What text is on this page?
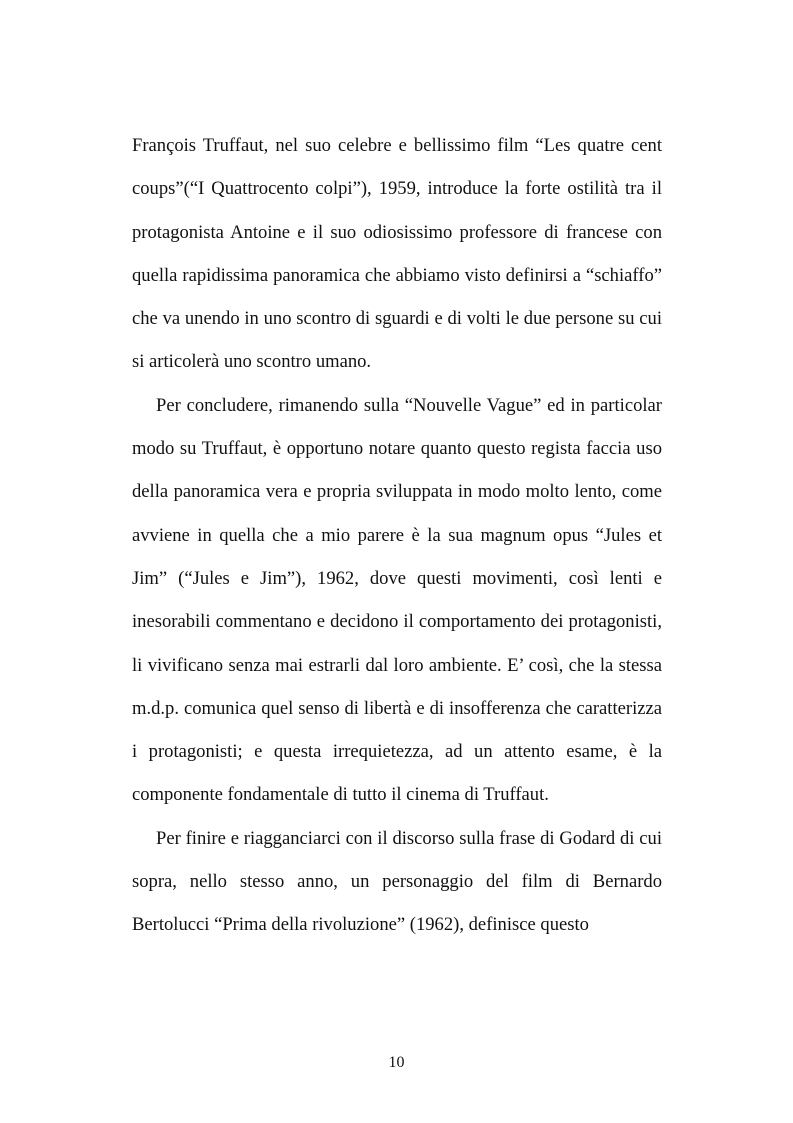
François Truffaut, nel suo celebre e bellissimo film “Les quatre cent coups”(“I Quattrocento colpi”), 1959, introduce la forte ostilità tra il protagonista Antoine e il suo odiosissimo professore di francese con quella rapidissima panoramica che abbiamo visto definirsi a “schiaffo” che va unendo in uno scontro di sguardi e di volti le due persone su cui si articolerà uno scontro umano.

Per concludere, rimanendo sulla “Nouvelle Vague” ed in particolar modo su Truffaut, è opportuno notare quanto questo regista faccia uso della panoramica vera e propria sviluppata in modo molto lento, come avviene in quella che a mio parere è la sua magnum opus “Jules et Jim” (“Jules e Jim”), 1962, dove questi movimenti, così lenti e inesorabili commentano e decidono il comportamento dei protagonisti, li vivificano senza mai estrarli dal loro ambiente. E’ così, che la stessa m.d.p. comunica quel senso di libertà e di insofferenza che caratterizza i protagonisti; e questa irrequietezza, ad un attento esame, è la componente fondamentale di tutto il cinema di Truffaut.

Per finire e riagganciarci con il discorso sulla frase di Godard di cui sopra, nello stesso anno, un personaggio del film di Bernardo Bertolucci “Prima della rivoluzione” (1962), definisce questo

10
